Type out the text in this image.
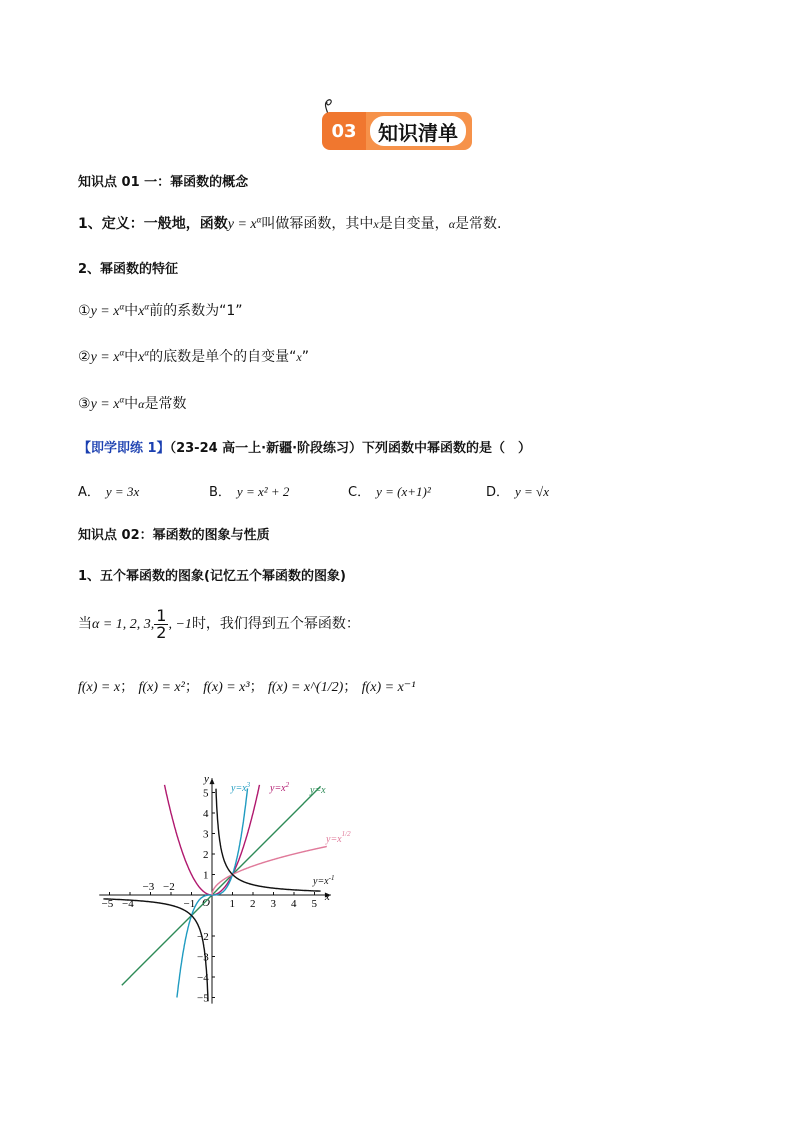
03	知识清单
知识点 01 一：幂函数的概念
1、定义：一般地，函数$y = x^\alpha$叫做幂函数，其中x是自变量，α是常数.
2、幂函数的特征
①y = $x^\alpha$中$x^\alpha$前的系数为“1”
②y = $x^\alpha$中$x^\alpha$的底数是单个的自变量“x”
③y = $x^\alpha$中α是常数
【即学即练 1】（23-24 高一上·新疆·阶段练习）下列函数中幂函数的是（　）
A． y = 3x	B． y = x² + 2	C． y = (x+1)²	D． y = √x
知识点 02：幂函数的图象与性质
1、五个幂函数的图象(记忆五个幂函数的图象)
当α = 1, 2, 3, $\frac{1}{2}$ , −1时，我们得到五个幂函数：
f(x) = x； f(x) = x²； f(x) = x³； f(x) = x^(1/2)； f(x) = x⁻¹
x
y
O 1 2 3 4 5
−5 −4	−1
−3 −2
5
4
3
2
1
−2
−3
−4
−5
$y=x^3$ $y=x^2$ y=x
$y=x^{1/2}$
$y=x^{-1}$
